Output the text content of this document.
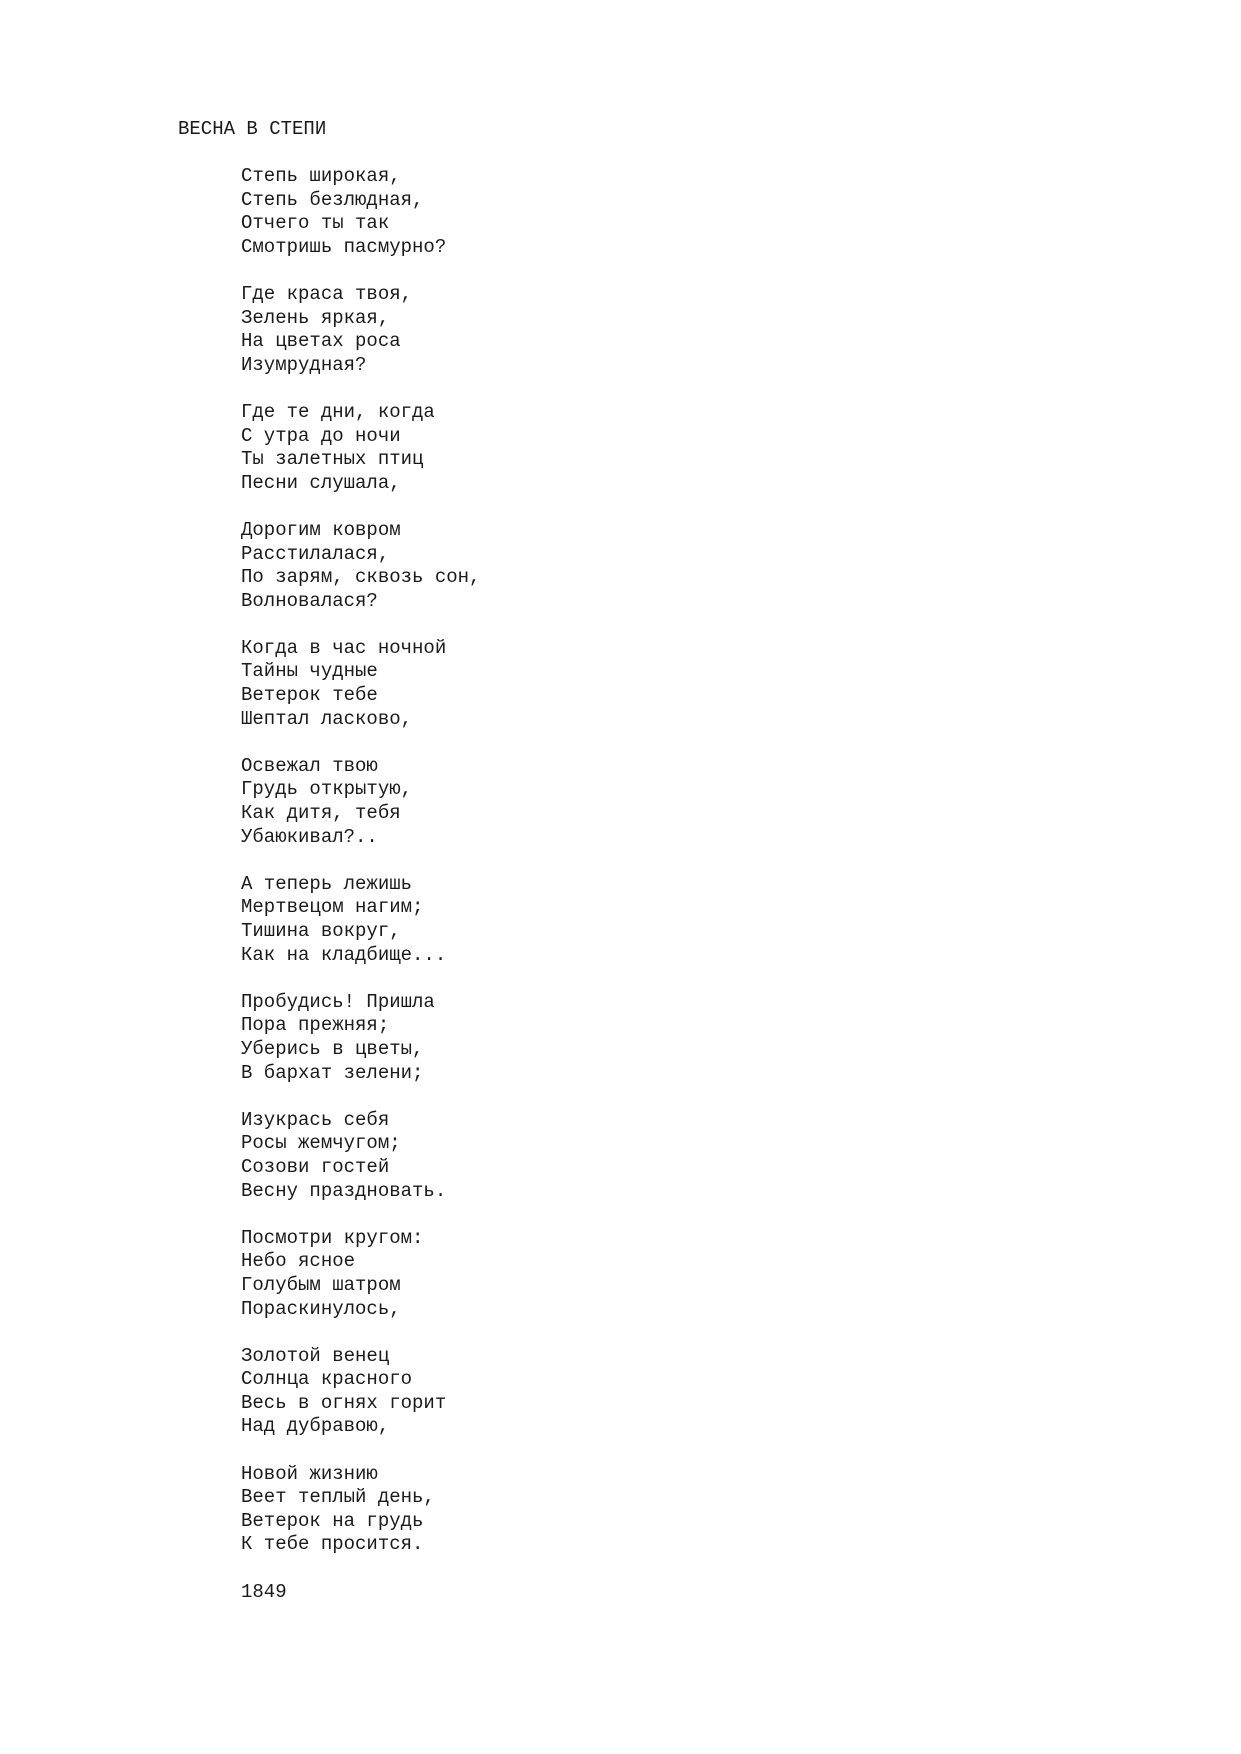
ВЕСНА В СТЕПИ
Степь широкая,
Степь безлюдная,
Отчего ты так
Смотришь пасмурно?
Где краса твоя,
Зелень яркая,
На цветах роса
Изумрудная?
Где те дни, когда
С утра до ночи
Ты залетных птиц
Песни слушала,
Дорогим ковром
Расстилалася,
По зарям, сквозь сон,
Волновалася?
Когда в час ночной
Тайны чудные
Ветерок тебе
Шептал ласково,
Освежал твою
Грудь открытую,
Как дитя, тебя
Убаюкивал?..
А теперь лежишь
Мертвецом нагим;
Тишина вокруг,
Как на кладбище...
Пробудись! Пришла
Пора прежняя;
Уберись в цветы,
В бархат зелени;
Изукрась себя
Росы жемчугом;
Созови гостей
Весну праздновать.
Посмотри кругом:
Небо ясное
Голубым шатром
Пораскинулось,
Золотой венец
Солнца красного
Весь в огнях горит
Над дубравою,
Новой жизнию
Веет теплый день,
Ветерок на грудь
К тебе просится.
1849
